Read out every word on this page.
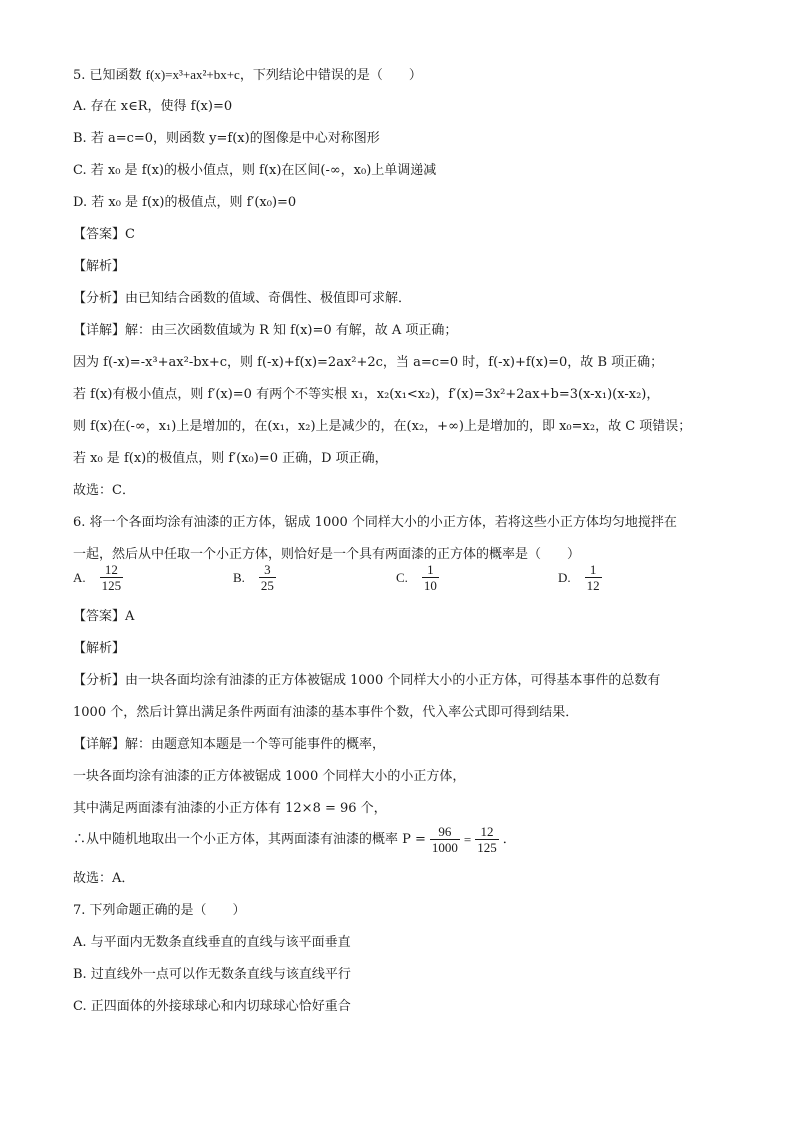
5. 已知函数 f(x)=x³+ax²+bx+c，下列结论中错误的是（　　）
A. 存在 x∈R，使得 f(x)=0
B. 若 a=c=0，则函数 y=f(x)的图像是中心对称图形
C. 若 x₀ 是 f(x)的极小值点，则 f(x)在区间(-∞，x₀)上单调递减
D. 若 x₀ 是 f(x)的极值点，则 f′(x₀)=0
【答案】C
【解析】
【分析】由已知结合函数的值域、奇偶性、极值即可求解．
【详解】解：由三次函数值域为 R 知 f(x)=0 有解，故 A 项正确；
因为 f(-x)=-x³+ax²-bx+c，则 f(-x)+f(x)=2ax²+2c，当 a=c=0 时，f(-x)+f(x)=0，故 B 项正确；
若 f(x)有极小值点，则 f′(x)=0 有两个不等实根 x₁，x₂(x₁<x₂)，f′(x)=3x²+2ax+b=3(x-x₁)(x-x₂)，
则 f(x)在(-∞，x₁)上是增加的，在(x₁，x₂)上是减少的，在(x₂，+∞)上是增加的，即 x₀=x₂，故 C 项错误；
若 x₀ 是 f(x)的极值点，则 f′(x₀)=0 正确，D 项正确，
故选：C．
6. 将一个各面均涂有油漆的正方体，锯成 1000 个同样大小的小正方体，若将这些小正方体均匀地搅拌在
一起，然后从中任取一个小正方体，则恰好是一个具有两面漆的正方体的概率是（　　）
A. $\frac{12}{125}$	B. $\frac{3}{25}$	C. $\frac{1}{10}$	D. $\frac{1}{12}$
【答案】A
【解析】
【分析】由一块各面均涂有油漆的正方体被锯成 1000 个同样大小的小正方体，可得基本事件的总数有
1000 个，然后计算出满足条件两面有油漆的基本事件个数，代入率公式即可得到结果．
【详解】解：由题意知本题是一个等可能事件的概率，
一块各面均涂有油漆的正方体被锯成 1000 个同样大小的小正方体，
其中满足两面漆有油漆的小正方体有 12×8 = 96 个，
∴从中随机地取出一个小正方体，其两面漆有油漆的概率 $P = \frac{96}{1000} = \frac{12}{125}$ ．
故选：A．
7. 下列命题正确的是（　　）
A. 与平面内无数条直线垂直的直线与该平面垂直
B. 过直线外一点可以作无数条直线与该直线平行
C. 正四面体的外接球球心和内切球球心恰好重合
